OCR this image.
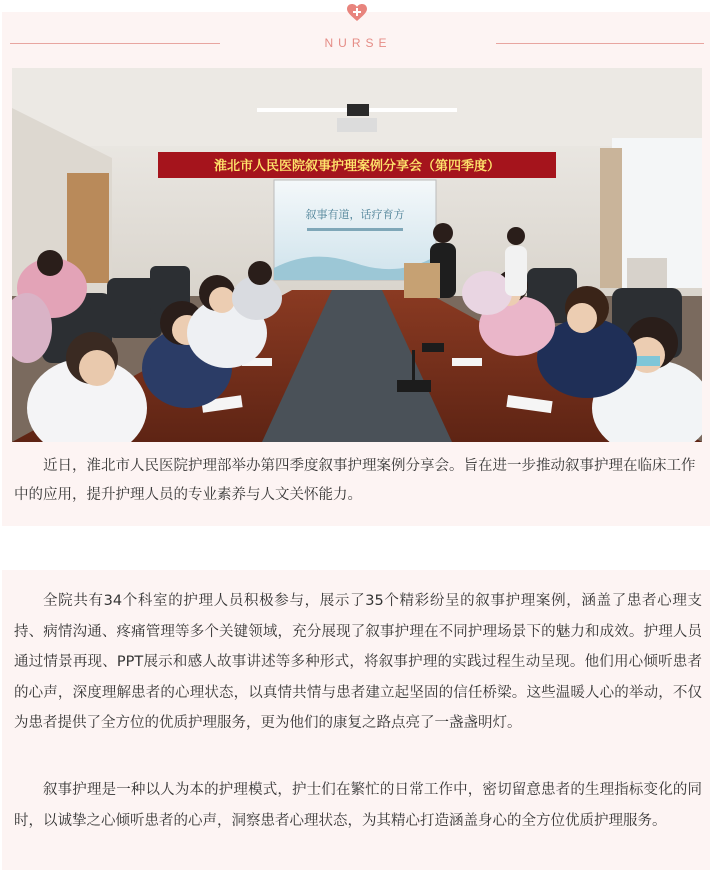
NURSE
淮北市人民医院叙事护理案例分享会（第四季度）
叙事有道，话疗育方

近日，淮北市人民医院护理部举办第四季度叙事护理案例分享会。旨在进一步推动叙事护理在临床工作中的应用，提升护理人员的专业素养与人文关怀能力。

全院共有34个科室的护理人员积极参与，展示了35个精彩纷呈的叙事护理案例，涵盖了患者心理支持、病情沟通、疼痛管理等多个关键领域，充分展现了叙事护理在不同护理场景下的魅力和成效。护理人员通过情景再现、PPT展示和感人故事讲述等多种形式，将叙事护理的实践过程生动呈现。他们用心倾听患者的心声，深度理解患者的心理状态，以真情共情与患者建立起坚固的信任桥梁。这些温暖人心的举动，不仅为患者提供了全方位的优质护理服务，更为他们的康复之路点亮了一盏盏明灯。

叙事护理是一种以人为本的护理模式，护士们在繁忙的日常工作中，密切留意患者的生理指标变化的同时，以诚挚之心倾听患者的心声，洞察患者心理状态，为其精心打造涵盖身心的全方位优质护理服务。
